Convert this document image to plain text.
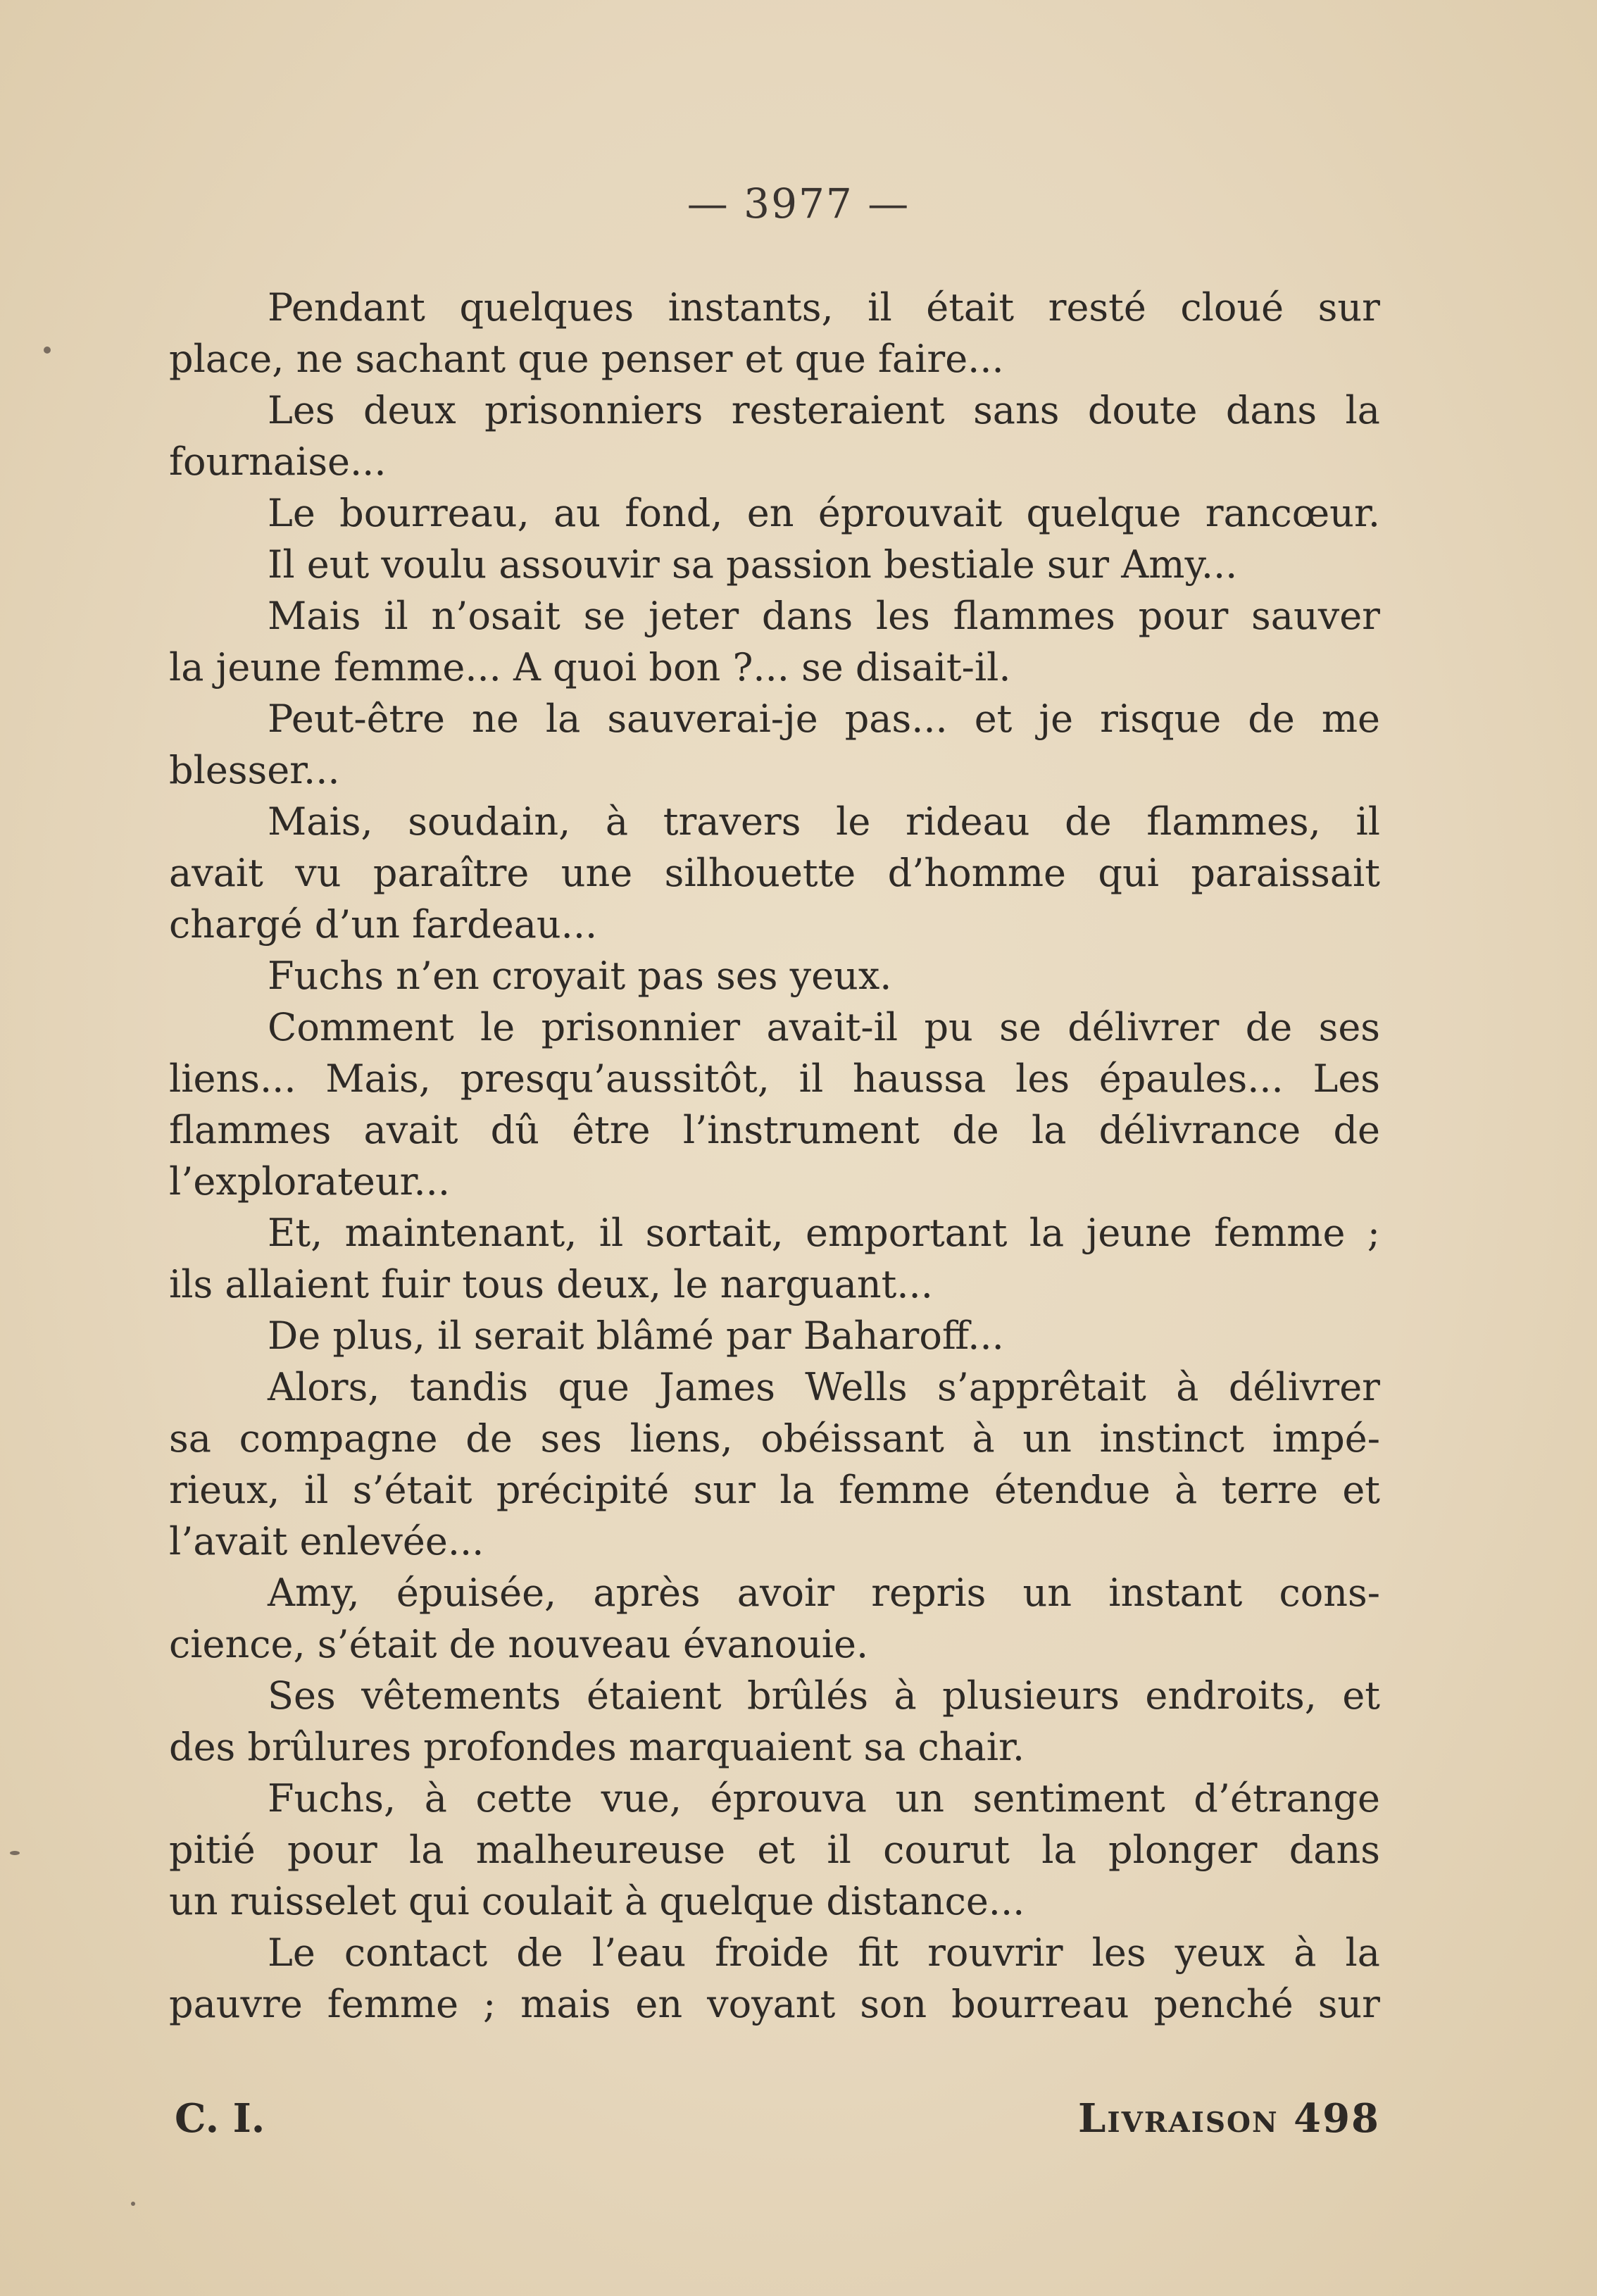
— 3977 —
Pendant quelques instants, il était resté cloué sur
place, ne sachant que penser et que faire...
Les deux prisonniers resteraient sans doute dans la
fournaise...
Le bourreau, au fond, en éprouvait quelque rancœur.
Il eut voulu assouvir sa passion bestiale sur Amy...
Mais il n’osait se jeter dans les flammes pour sauver
la jeune femme... A quoi bon ?... se disait-il.
Peut-être ne la sauverai-je pas... et je risque de me
blesser...
Mais, soudain, à travers le rideau de flammes, il
avait vu paraître une silhouette d’homme qui paraissait
chargé d’un fardeau...
Fuchs n’en croyait pas ses yeux.
Comment le prisonnier avait-il pu se délivrer de ses
liens... Mais, presqu’aussitôt, il haussa les épaules... Les
flammes avait dû être l’instrument de la délivrance de
l’explorateur...
Et, maintenant, il sortait, emportant la jeune femme ;
ils allaient fuir tous deux, le narguant...
De plus, il serait blâmé par Baharoff...
Alors, tandis que James Wells s’apprêtait à délivrer
sa compagne de ses liens, obéissant à un instinct impé-
rieux, il s’était précipité sur la femme étendue à terre et
l’avait enlevée...
Amy, épuisée, après avoir repris un instant cons-
cience, s’était de nouveau évanouie.
Ses vêtements étaient brûlés à plusieurs endroits, et
des brûlures profondes marquaient sa chair.
Fuchs, à cette vue, éprouva un sentiment d’étrange
pitié pour la malheureuse et il courut la plonger dans
un ruisselet qui coulait à quelque distance...
Le contact de l’eau froide fit rouvrir les yeux à la
pauvre femme ; mais en voyant son bourreau penché sur
C. I.	Livraison 498
